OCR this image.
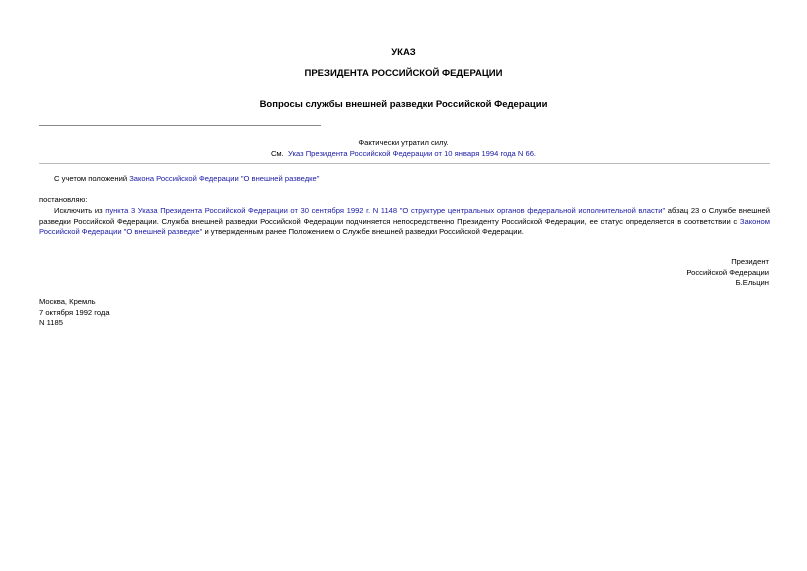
УКАЗ
ПРЕЗИДЕНТА РОССИЙСКОЙ ФЕДЕРАЦИИ
Вопросы службы внешней разведки Российской Федерации
Фактически утратил силу.
См. Указ Президента Российской Федерации от 10 января 1994 года N 66.
С учетом положений Закона Российской Федерации "О внешней разведке"
постановляю:
Исключить из пункта 3 Указа Президента Российской Федерации от 30 сентября 1992 г. N 1148 "О структуре центральных органов федеральной исполнительной власти" абзац 23 о Службе внешней разведки Российской Федерации. Служба внешней разведки Российской Федерации подчиняется непосредственно Президенту Российской Федерации, ее статус определяется в соответствии с Законом Российской Федерации "О внешней разведке" и утвержденным ранее Положением о Службе внешней разведки Российской Федерации.
Президент
Российской Федерации
Б.Ельцин
Москва, Кремль
7 октября 1992 года
N 1185
